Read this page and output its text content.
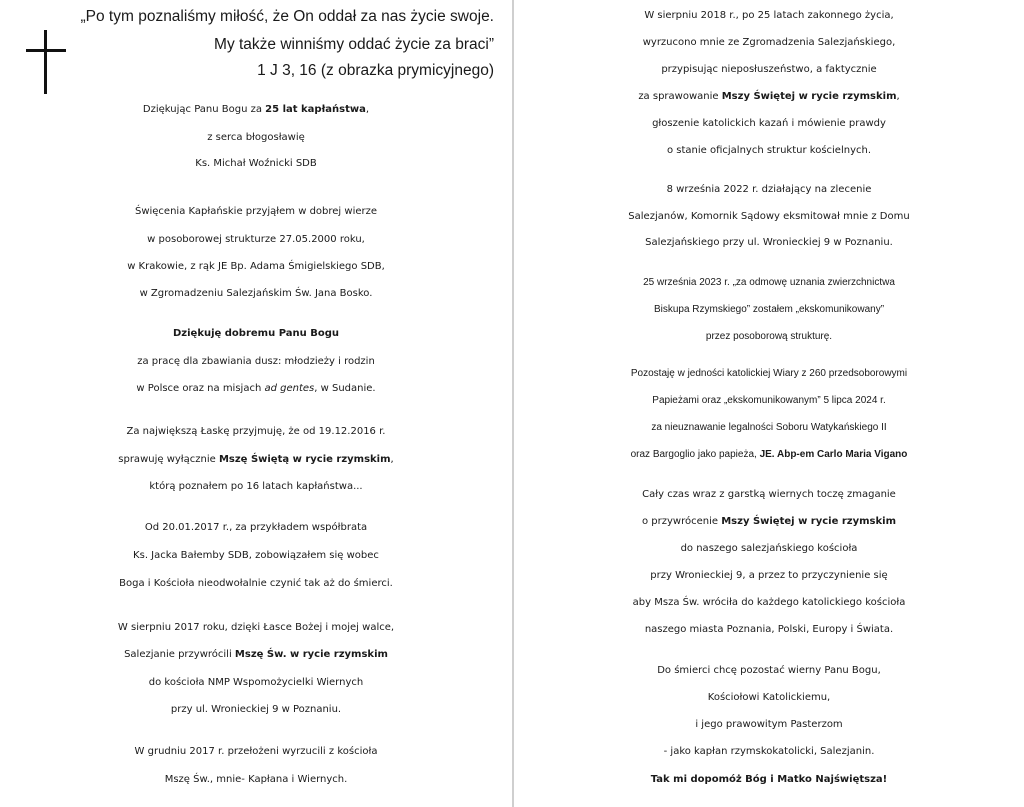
„Po tym poznaliśmy miłość, że On oddał za nas życie swoje.
My także winniśmy oddać życie za braci”
1 J 3, 16 (z obrazka prymicyjnego)
Dziękując Panu Bogu za 25 lat kapłaństwa,
z serca błogosławię
Ks. Michał Woźnicki SDB
Święcenia Kapłańskie przyjąłem w dobrej wierze
w posoborowej strukturze 27.05.2000 roku,
w Krakowie, z rąk JE Bp. Adama Śmigielskiego SDB,
w Zgromadzeniu Salezjańskim Św. Jana Bosko.
Dziękuję dobremu Panu Bogu
za pracę dla zbawiania dusz: młodzieży i rodzin
w Polsce oraz na misjach ad gentes, w Sudanie.
Za największą Łaskę przyjmuję, że od 19.12.2016 r.
sprawuję wyłącznie Mszę Świętą w rycie rzymskim,
którą poznałem po 16 latach kapłaństwa...
Od 20.01.2017 r., za przykładem współbrata
Ks. Jacka Bałemby SDB, zobowiązałem się wobec
Boga i Kościoła nieodwołalnie czynić tak aż do śmierci.
W sierpniu 2017 roku, dzięki Łasce Bożej i mojej walce,
Salezjanie przywrócili Mszę Św. w rycie rzymskim
do kościoła NMP Wspomożycielki Wiernych
przy ul. Wronieckiej 9 w Poznaniu.
W grudniu 2017 r. przełożeni wyrzucili z kościoła
Mszę Św., mnie- Kapłana i Wiernych.
W sierpniu 2018 r., po 25 latach zakonnego życia,
wyrzucono mnie ze Zgromadzenia Salezjańskiego,
przypisując nieposłuszeństwo, a faktycznie
za sprawowanie Mszy Świętej w rycie rzymskim,
głoszenie katolickich kazań i mówienie prawdy
o stanie oficjalnych struktur kościelnych.
8 września 2022 r. działający na zlecenie
Salezjanów, Komornik Sądowy eksmitował mnie z Domu
Salezjańskiego przy ul. Wronieckiej 9 w Poznaniu.
25 września 2023 r. „za odmowę uznania zwierzchnictwa
Biskupa Rzymskiego” zostałem „ekskomunikowany”
przez posoborową strukturę.
Pozostaję w jedności katolickiej Wiary z 260 przedsoborowymi
Papieżami oraz „ekskomunikowanym” 5 lipca 2024 r.
za nieuznawanie legalności Soboru Watykańskiego II
oraz Bargoglio jako papieża, JE. Abp-em Carlo Maria Vigano
Cały czas wraz z garstką wiernych toczę zmaganie
o przywrócenie Mszy Świętej w rycie rzymskim
do naszego salezjańskiego kościoła
przy Wronieckiej 9, a przez to przyczynienie się
aby Msza Św. wróciła do każdego katolickiego kościoła
naszego miasta Poznania, Polski, Europy i Świata.
Do śmierci chcę pozostać wierny Panu Bogu,
Kościołowi Katolickiemu,
i jego prawowitym Pasterzom
- jako kapłan rzymskokatolicki, Salezjanin.
Tak mi dopomóż Bóg i Matko Najświętsza!
